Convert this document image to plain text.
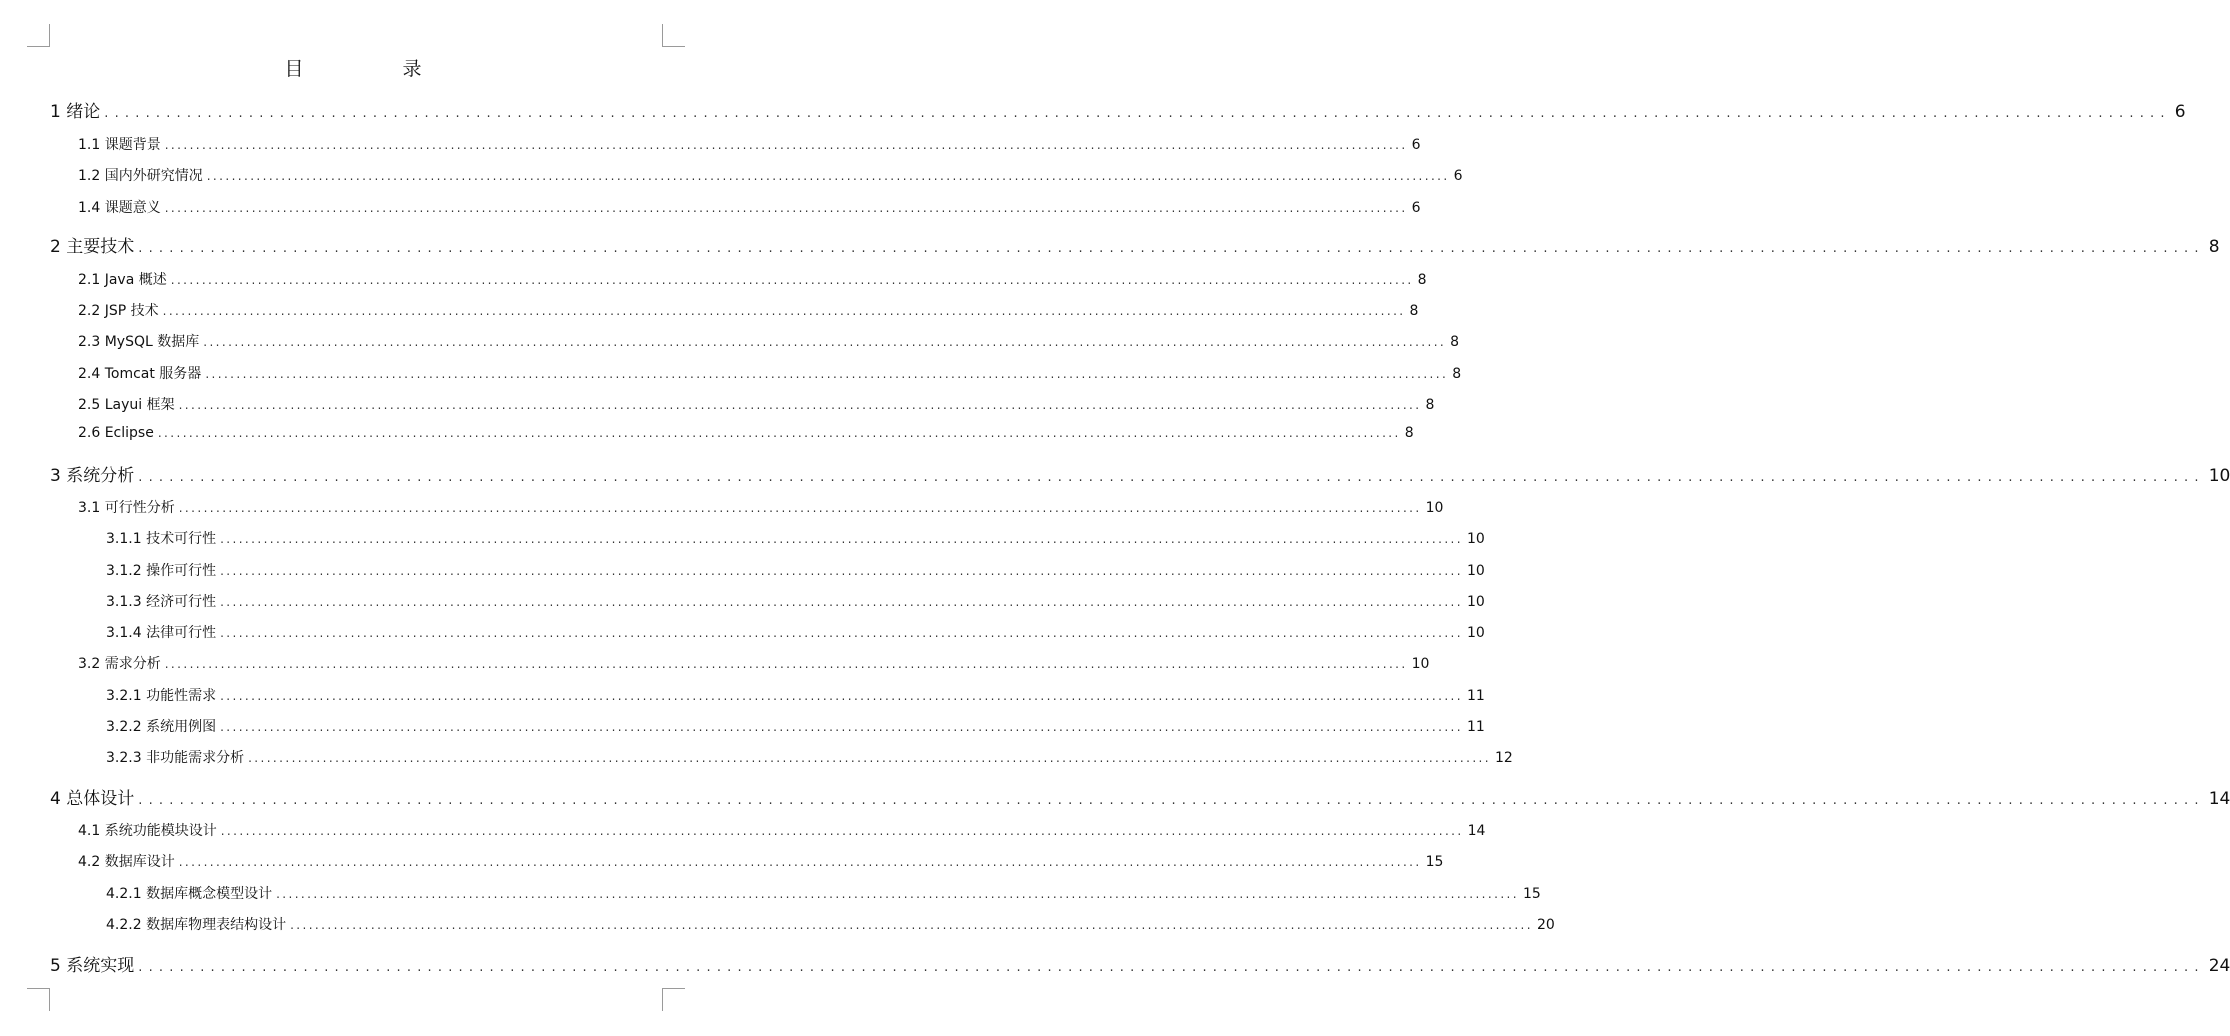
目　录
1 绪论 ........................................................................................................................................................................................................ 6
1.1 课题背景 ........................................................................................................................................................................................................ 6
1.2 国内外研究情况 ........................................................................................................................................................................................................ 6
1.4 课题意义 ........................................................................................................................................................................................................ 6
2 主要技术 ........................................................................................................................................................................................................ 8
2.1 Java 概述 ........................................................................................................................................................................................................ 8
2.2 JSP 技术 ........................................................................................................................................................................................................ 8
2.3 MySQL 数据库 ........................................................................................................................................................................................................ 8
2.4 Tomcat 服务器 ........................................................................................................................................................................................................ 8
2.5 Layui 框架 ........................................................................................................................................................................................................ 8
2.6 Eclipse ........................................................................................................................................................................................................ 8
3 系统分析 ........................................................................................................................................................................................................ 10
3.1 可行性分析 ........................................................................................................................................................................................................ 10
3.1.1 技术可行性 ........................................................................................................................................................................................................ 10
3.1.2 操作可行性 ........................................................................................................................................................................................................ 10
3.1.3 经济可行性 ........................................................................................................................................................................................................ 10
3.1.4 法律可行性 ........................................................................................................................................................................................................ 10
3.2 需求分析 ........................................................................................................................................................................................................ 10
3.2.1 功能性需求 ........................................................................................................................................................................................................ 11
3.2.2 系统用例图 ........................................................................................................................................................................................................ 11
3.2.3 非功能需求分析 ........................................................................................................................................................................................................ 12
4 总体设计 ........................................................................................................................................................................................................ 14
4.1 系统功能模块设计 ........................................................................................................................................................................................................ 14
4.2 数据库设计 ........................................................................................................................................................................................................ 15
4.2.1 数据库概念模型设计 ........................................................................................................................................................................................................ 15
4.2.2 数据库物理表结构设计 ........................................................................................................................................................................................................ 20
5 系统实现 ........................................................................................................................................................................................................ 24
